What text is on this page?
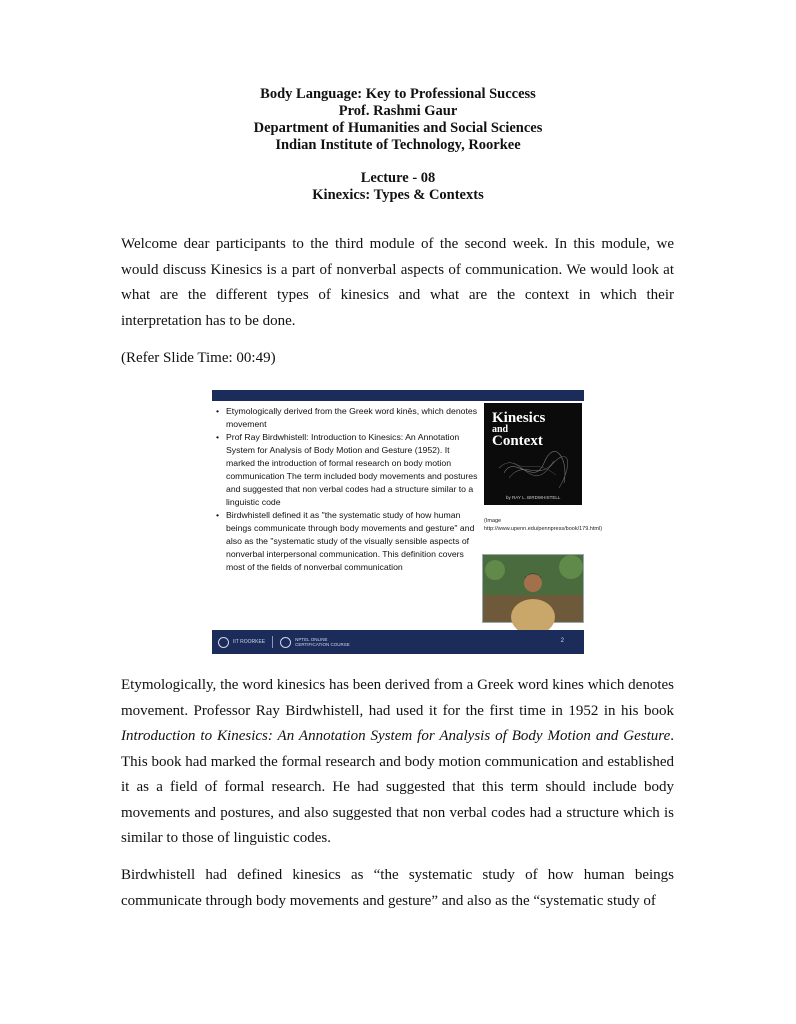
Body Language: Key to Professional Success
Prof. Rashmi Gaur
Department of Humanities and Social Sciences
Indian Institute of Technology, Roorkee
Lecture - 08
Kinexics: Types & Contexts

Welcome dear participants to the third module of the second week. In this module, we would discuss Kinesics is a part of nonverbal aspects of communication. We would look at what are the different types of kinesics and what are the context in which their interpretation has to be done.

(Refer Slide Time: 00:49)

• Etymologically derived from the Greek word kinēs, which denotes movement
• Prof Ray Birdwhistell: Introduction to Kinesics: An Annotation System for Analysis of Body Motion and Gesture (1952). It marked the introduction of formal research on body motion communication The term included body movements and postures and suggested that non verbal codes had a structure similar to a linguistic code
• Birdwhistell defined it as "the systematic study of how human beings communicate through body movements and gesture" and also as the "systematic study of the visually sensible aspects of nonverbal interpersonal communication. This definition covers most of the fields of nonverbal communication
Kinesics
and
Context
by RAY L. BIRDWHISTELL
(Image http://www.upenn.edu/pennpress/book/179.html)
IIT ROORKEE	NPTEL ONLINE
CERTIFICATION COURSE
2

Etymologically, the word kinesics has been derived from a Greek word kines which denotes movement. Professor Ray Birdwhistell, had used it for the first time in 1952 in his book Introduction to Kinesics: An Annotation System for Analysis of Body Motion and Gesture. This book had marked the formal research and body motion communication and established it as a field of formal research. He had suggested that this term should include body movements and postures, and also suggested that non verbal codes had a structure which is similar to those of linguistic codes.

Birdwhistell had defined kinesics as “the systematic study of how human beings communicate through body movements and gesture” and also as the “systematic study of
